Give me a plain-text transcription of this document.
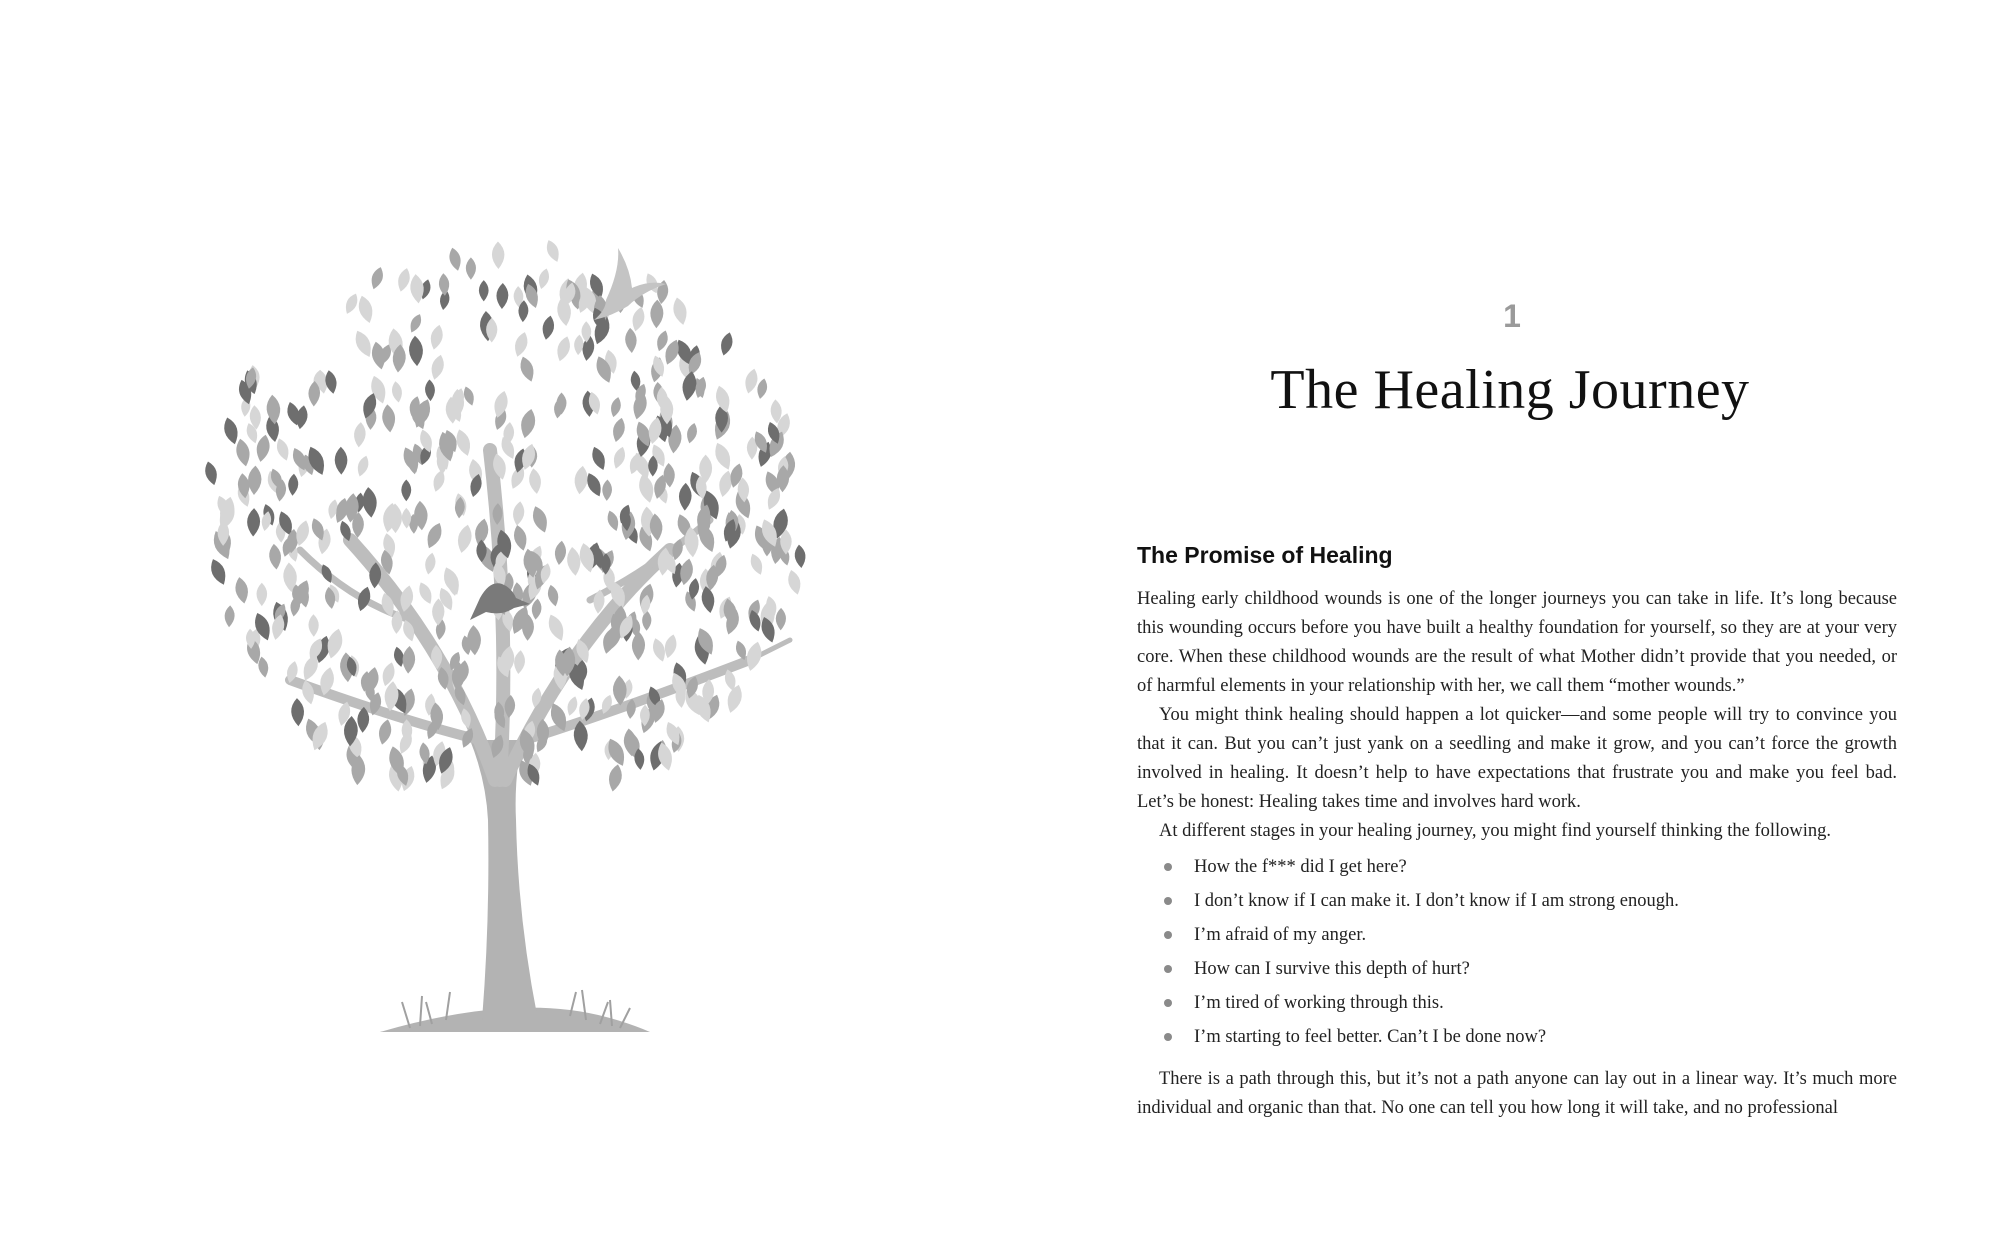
1
The Healing Journey
The Promise of Healing

Healing early childhood wounds is one of the longer journeys you can take in life. It’s long because this wounding occurs before you have built a healthy foundation for yourself, so they are at your very core. When these childhood wounds are the result of what Mother didn’t provide that you needed, or of harmful elements in your relationship with her, we call them “mother wounds.”

You might think healing should happen a lot quicker—and some people will try to convince you that it can. But you can’t just yank on a seedling and make it grow, and you can’t force the growth involved in healing. It doesn’t help to have expectations that frustrate you and make you feel bad. Let’s be honest: Healing takes time and involves hard work.

At different stages in your healing journey, you might find yourself thinking the following.

How the f*** did I get here?
I don’t know if I can make it. I don’t know if I am strong enough.
I’m afraid of my anger.
How can I survive this depth of hurt?
I’m tired of working through this.
I’m starting to feel better. Can’t I be done now?

There is a path through this, but it’s not a path anyone can lay out in a linear way. It’s much more individual and organic than that. No one can tell you how long it will take, and no professional
